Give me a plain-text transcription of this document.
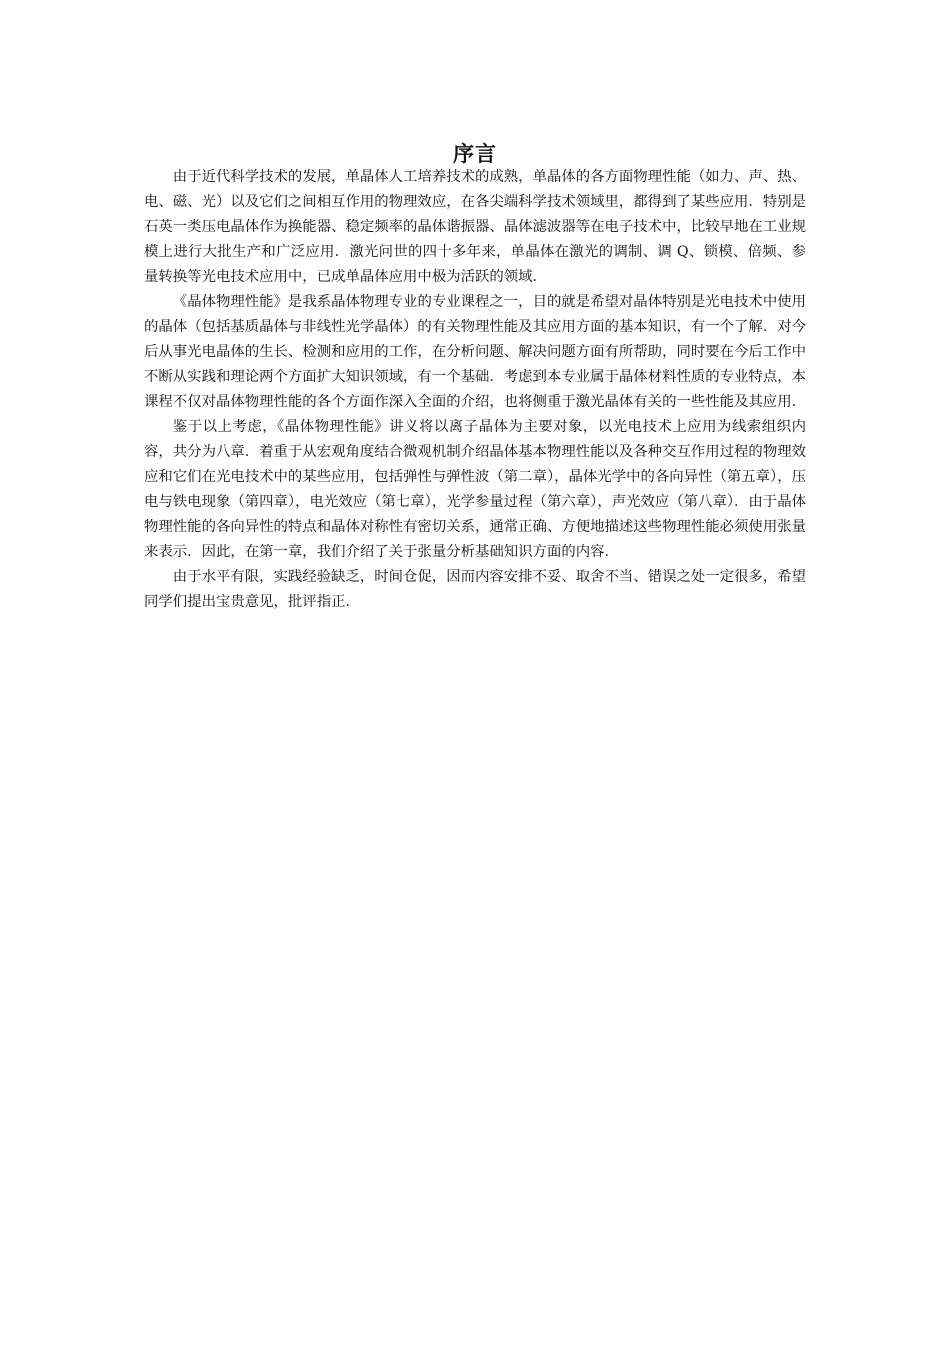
序言

由于近代科学技术的发展，单晶体人工培养技术的成熟，单晶体的各方面物理性能（如力、声、热、电、磁、光）以及它们之间相互作用的物理效应，在各尖端科学技术领域里，都得到了某些应用．特别是石英一类压电晶体作为换能器、稳定频率的晶体谐振器、晶体滤波器等在电子技术中，比较早地在工业规模上进行大批生产和广泛应用．激光问世的四十多年来，单晶体在激光的调制、调 Q、锁模、倍频、参量转换等光电技术应用中，已成单晶体应用中极为活跃的领域．

《晶体物理性能》是我系晶体物理专业的专业课程之一，目的就是希望对晶体特别是光电技术中使用的晶体（包括基质晶体与非线性光学晶体）的有关物理性能及其应用方面的基本知识，有一个了解．对今后从事光电晶体的生长、检测和应用的工作，在分析问题、解决问题方面有所帮助，同时要在今后工作中不断从实践和理论两个方面扩大知识领域，有一个基础．考虑到本专业属于晶体材料性质的专业特点，本课程不仅对晶体物理性能的各个方面作深入全面的介绍，也将侧重于激光晶体有关的一些性能及其应用．

鉴于以上考虑，《晶体物理性能》讲义将以离子晶体为主要对象，以光电技术上应用为线索组织内容，共分为八章．着重于从宏观角度结合微观机制介绍晶体基本物理性能以及各种交互作用过程的物理效应和它们在光电技术中的某些应用，包括弹性与弹性波（第二章），晶体光学中的各向异性（第五章），压电与铁电现象（第四章），电光效应（第七章），光学参量过程（第六章），声光效应（第八章）．由于晶体物理性能的各向异性的特点和晶体对称性有密切关系，通常正确、方便地描述这些物理性能必须使用张量来表示．因此，在第一章，我们介绍了关于张量分析基础知识方面的内容．

由于水平有限，实践经验缺乏，时间仓促，因而内容安排不妥、取舍不当、错误之处一定很多，希望同学们提出宝贵意见，批评指正．
